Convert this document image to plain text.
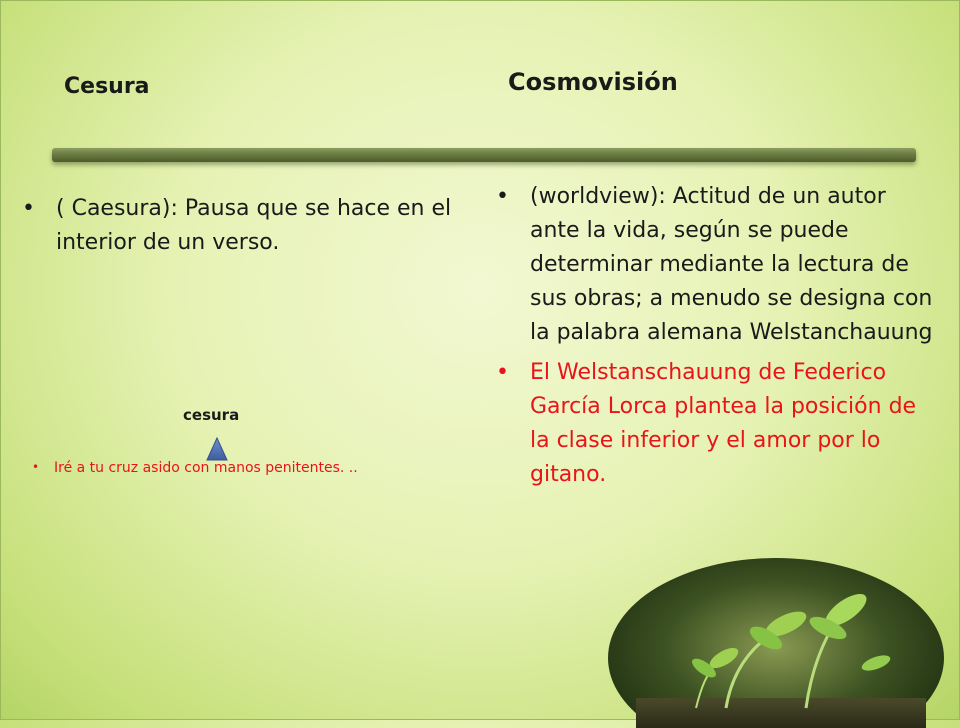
Cesura	Cosmovisión
• ( Caesura): Pausa que se hace en el interior de un verso.
cesura
• Iré a tu cruz asido con manos penitentes. ..
• (worldview): Actitud de un autor ante la vida, según se puede determinar mediante la lectura de sus obras; a menudo se designa con la palabra alemana Welstanchauung
• El Welstanschauung de Federico García Lorca plantea la posición de la clase inferior y el amor por lo gitano.
